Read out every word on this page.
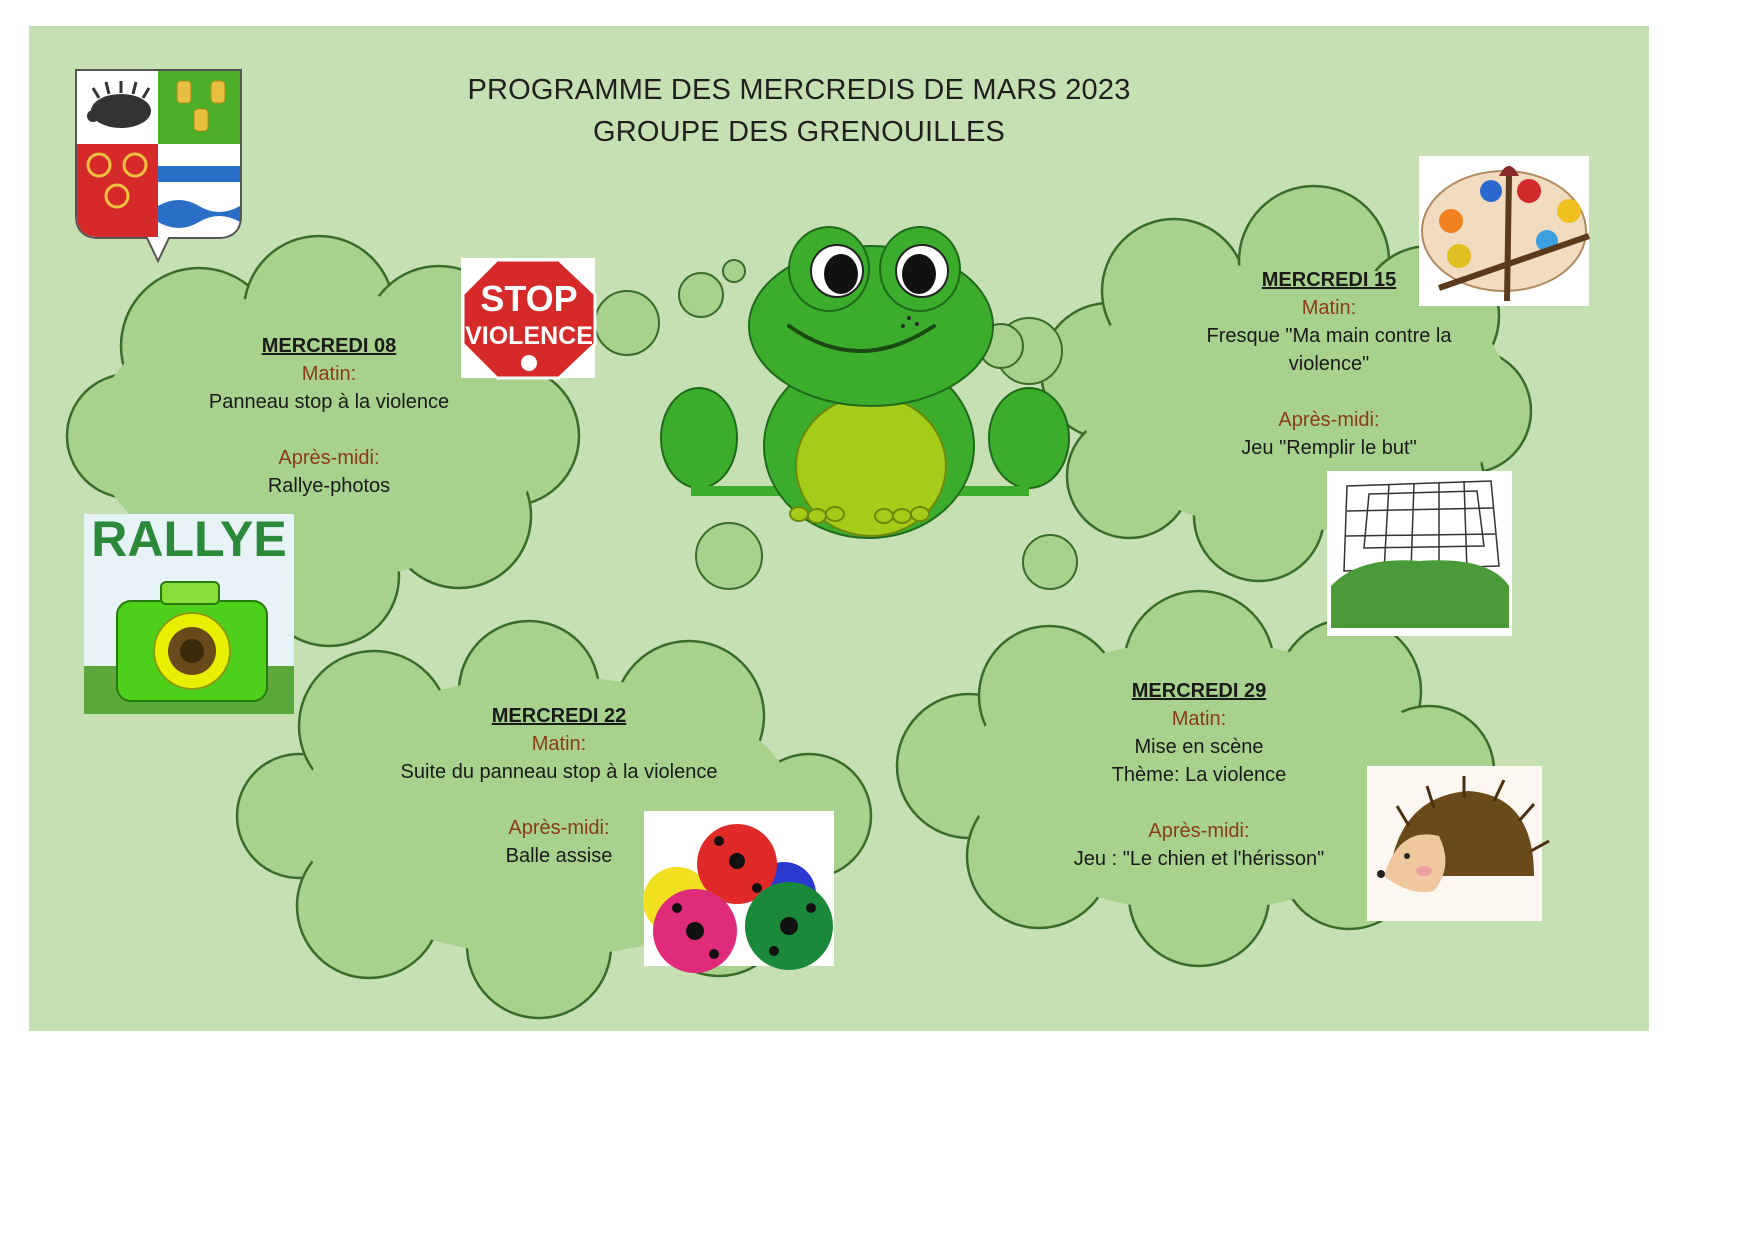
STOP
VIOLENCE
RALLYE
PROGRAMME DES MERCREDIS DE MARS 2023
GROUPE DES GRENOUILLES
MERCREDI 08
Matin:
Panneau stop à la violence
Après-midi:
Rallye-photos
MERCREDI 15
Matin:
Fresque "Ma main contre la
violence"
Après-midi:
Jeu "Remplir le but"
MERCREDI 22
Matin:
Suite du panneau stop à la violence
Après-midi:
Balle assise
MERCREDI 29
Matin:
Mise en scène
Thème: La violence
Après-midi:
Jeu : "Le chien et l'hérisson"
